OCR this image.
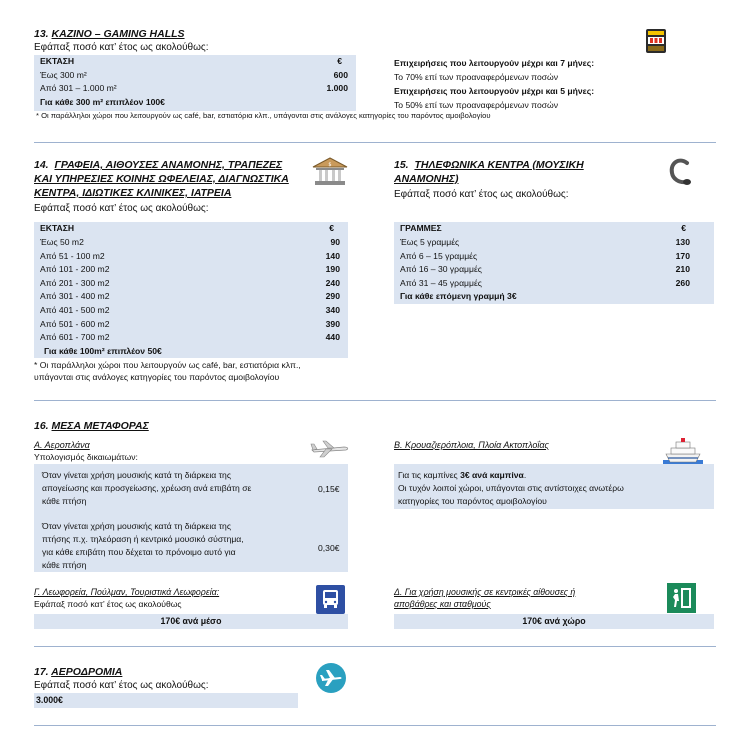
13. ΚΑΖΙΝΟ – GAMING HALLS
Εφάπαξ ποσό κατ’ έτος ως ακολούθως:
ΕΚΤΑΣΗ	€
Έως 300 m²	600
Από 301 – 1.000 m²	1.000
Για κάθε 300 m² επιπλέον 100€
Επιχειρήσεις που λειτουργούν μέχρι και 7 μήνες:
Το 70% επί των προαναφερόμενων ποσών
Επιχειρήσεις που λειτουργούν μέχρι και 5 μήνες:
Το 50% επί των προαναφερόμενων ποσών
* Οι παράλληλοι χώροι που λειτουργούν ως café, bar, εστιατόρια κλπ., υπάγονται στις ανάλογες κατηγορίες του παρόντος αμοιβολογίου
14. ΓΡΑΦΕΙΑ, ΑΙΘΟΥΣΕΣ ΑΝΑΜΟΝΗΣ, ΤΡΑΠΕΖΕΣ
ΚΑΙ ΥΠΗΡΕΣΙΕΣ ΚΟΙΝΗΣ ΩΦΕΛΕΙΑΣ, ΔΙΑΓΝΩΣΤΙΚΑ
ΚΕΝΤΡΑ, ΙΔΙΩΤΙΚΕΣ ΚΛΙΝΙΚΕΣ, ΙΑΤΡΕΙΑ
Εφάπαξ ποσό κατ’ έτος ως ακολούθως:
$
ΕΚΤΑΣΗ	€
Έως 50 m2	90
Από 51 - 100 m2	140
Από 101 - 200 m2	190
Από 201 - 300 m2	240
Από 301 - 400 m2	290
Από 401 - 500 m2	340
Από 501 - 600 m2	390
Από 601 - 700 m2	440
Για κάθε 100m² επιπλέον 50€
* Οι παράλληλοι χώροι που λειτουργούν ως café, bar, εστιατόρια κλπ.,
υπάγονται στις ανάλογες κατηγορίες του παρόντος αμοιβολογίου
15. ΤΗΛΕΦΩΝΙΚΑ ΚΕΝΤΡΑ (ΜΟΥΣΙΚΗ
ΑΝΑΜΟΝΗΣ)
Εφάπαξ ποσό κατ’ έτος ως ακολούθως:
ΓΡΑΜΜΕΣ	€
Έως 5 γραμμές	130
Από 6 – 15 γραμμές	170
Από 16 – 30 γραμμές	210
Από 31 – 45 γραμμές	260
Για κάθε επόμενη γραμμή 3€
16. ΜΕΣΑ ΜΕΤΑΦΟΡΑΣ
Α. Αεροπλάνα
Υπολογισμός δικαιωμάτων:
Όταν γίνεται χρήση μουσικής κατά τη διάρκεια της
απογείωσης και προσγείωσης, χρέωση ανά επιβάτη σε
κάθε πτήση
0,15€
Όταν γίνεται χρήση μουσικής κατά τη διάρκεια της
πτήσης π.χ. τηλεόραση ή κεντρικό μουσικό σύστημα,
για κάθε επιβάτη που δέχεται το πρόνοιμο αυτό για
κάθε πτήση
0,30€
Β. Κρουαζιερόπλοια, Πλοία Ακτοπλοΐας
Για τις καμπίνες 3€ ανά καμπίνα.
Οι τυχόν λοιποί χώροι, υπάγονται στις αντίστοιχες ανωτέρω
κατηγορίες του παρόντος αμοιβολογίου
Γ. Λεωφορεία, Πούλμαν, Τουριστικά Λεωφορεία:
Εφάπαξ ποσό κατ’ έτος ως ακολούθως
170€ ανά μέσο
Δ. Για χρήση μουσικής σε κεντρικές αίθουσες ή
αποβάθρες και σταθμούς
170€ ανά χώρο
17. ΑΕΡΟΔΡΟΜΙΑ
Εφάπαξ ποσό κατ’ έτος ως ακολούθως:
3.000€
